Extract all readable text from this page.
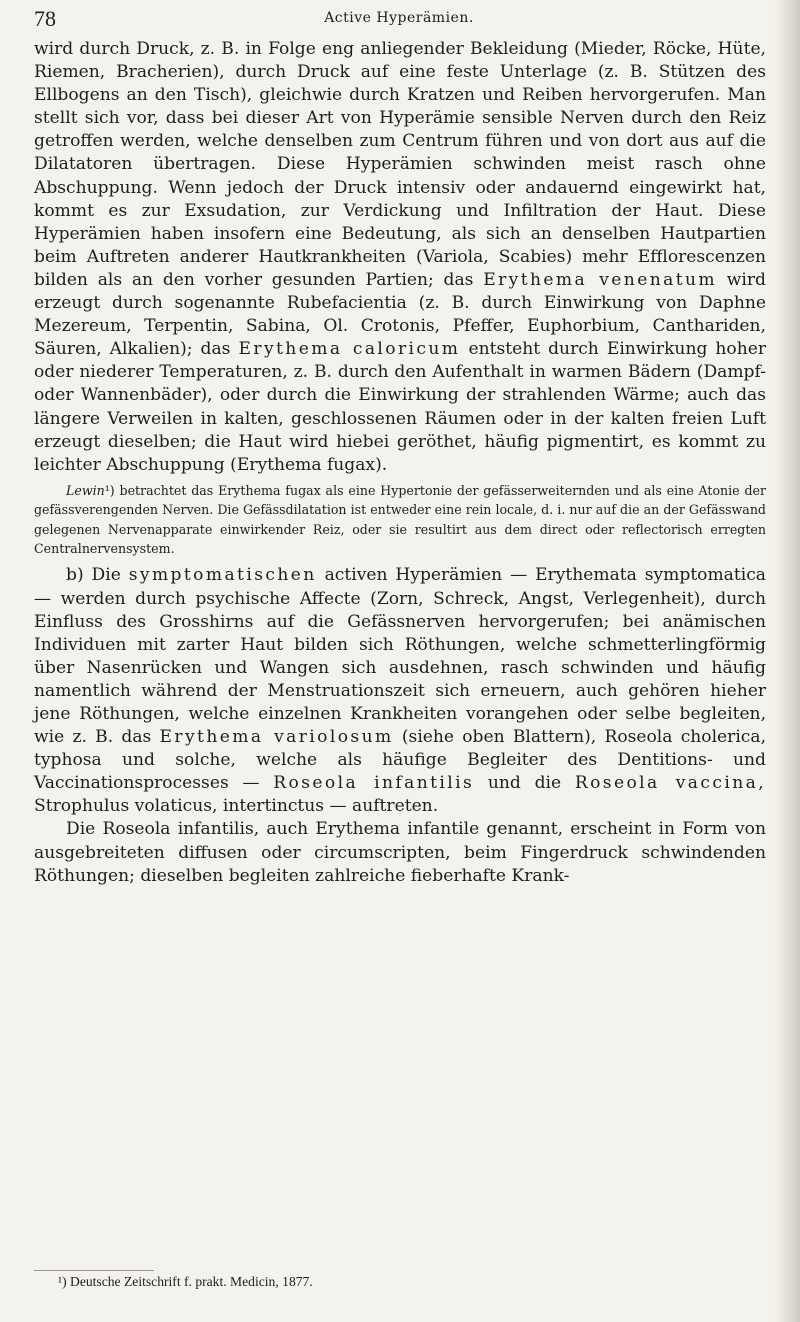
78	Active Hyperämien.

wird durch Druck, z. B. in Folge eng anliegender Bekleidung (Mieder, Röcke, Hüte, Riemen, Bracherien), durch Druck auf eine feste Unterlage (z. B. Stützen des Ellbogens an den Tisch), gleichwie durch Kratzen und Reiben hervorgerufen. Man stellt sich vor, dass bei dieser Art von Hyperämie sensible Nerven durch den Reiz getroffen werden, welche denselben zum Centrum führen und von dort aus auf die Dilatatoren übertragen. Diese Hyperämien schwinden meist rasch ohne Abschuppung. Wenn jedoch der Druck intensiv oder andauernd eingewirkt hat, kommt es zur Exsudation, zur Verdickung und Infiltration der Haut. Diese Hyperämien haben insofern eine Bedeutung, als sich an denselben Hautpartien beim Auftreten anderer Hautkrankheiten (Variola, Scabies) mehr Efflorescenzen bilden als an den vorher gesunden Partien; das Erythema venenatum wird erzeugt durch sogenannte Rubefacientia (z. B. durch Einwirkung von Daphne Mezereum, Terpentin, Sabina, Ol. Crotonis, Pfeffer, Euphorbium, Canthariden, Säuren, Alkalien); das Erythema caloricum entsteht durch Einwirkung hoher oder niederer Temperaturen, z. B. durch den Aufenthalt in warmen Bädern (Dampf- oder Wannenbäder), oder durch die Einwirkung der strahlenden Wärme; auch das längere Verweilen in kalten, geschlossenen Räumen oder in der kalten freien Luft erzeugt dieselben; die Haut wird hiebei geröthet, häufig pigmentirt, es kommt zu leichter Abschuppung (Erythema fugax).

Lewin¹) betrachtet das Erythema fugax als eine Hypertonie der gefässerweiternden und als eine Atonie der gefässverengenden Nerven. Die Gefässdilatation ist entweder eine rein locale, d. i. nur auf die an der Gefässwand gelegenen Nervenapparate einwirkender Reiz, oder sie resultirt aus dem direct oder reflectorisch erregten Centralnervensystem.

b) Die symptomatischen activen Hyperämien — Erythemata symptomatica — werden durch psychische Affecte (Zorn, Schreck, Angst, Verlegenheit), durch Einfluss des Grosshirns auf die Gefässnerven hervorgerufen; bei anämischen Individuen mit zarter Haut bilden sich Röthungen, welche schmetterlingförmig über Nasenrücken und Wangen sich ausdehnen, rasch schwinden und häufig namentlich während der Menstruationszeit sich erneuern, auch gehören hieher jene Röthungen, welche einzelnen Krankheiten vorangehen oder selbe begleiten, wie z. B. das Erythema variolosum (siehe oben Blattern), Roseola cholerica, typhosa und solche, welche als häufige Begleiter des Dentitions- und Vaccinationsprocesses — Roseola infantilis und die Roseola vaccina, Strophulus volaticus, intertinctus — auftreten.

Die Roseola infantilis, auch Erythema infantile genannt, erscheint in Form von ausgebreiteten diffusen oder circumscripten, beim Fingerdruck schwindenden Röthungen; dieselben begleiten zahlreiche fieberhafte Krank-

¹) Deutsche Zeitschrift f. prakt. Medicin, 1877.
